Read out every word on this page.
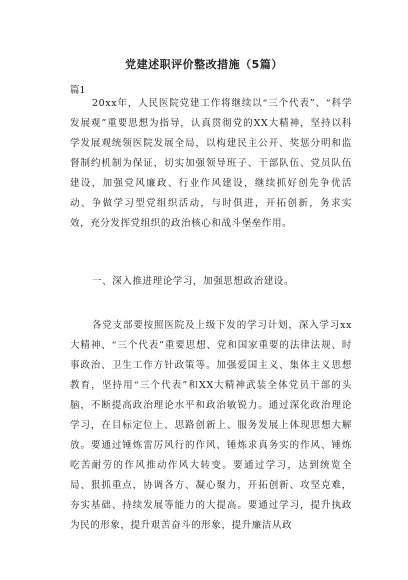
党建述职评价整改措施（5篇）
篇1

20xx年，人民医院党建工作将继续以“三个代表”、“科学发展观”重要思想为指导，认真贯彻党的XX大精神，坚持以科学发展观统领医院发展全局，以构建民主公开、奖惩分明和监督制约机制为保证，切实加强领导班子、干部队伍、党员队伍建设，加强党风廉政、行业作风建设，继续抓好创先争优活动、争做学习型党组织活动，与时俱进，开拓创新，务求实效，充分发挥党组织的政治核心和战斗堡垒作用。

一、深入推进理论学习，加强思想政治建设。

各党支部要按照医院及上级下发的学习计划，深入学习xx大精神、“三个代表”重要思想、党和国家重要的法律法规、时事政治、卫生工作方针政策等。加强爱国主义、集体主义思想教育，坚持用“三个代表”和XX大精神武装全体党员干部的头脑，不断提高政治理论水平和政治敏锐力。通过深化政治理论学习，在目标定位上、思路创新上、服务发展上体现思想大解放。要通过锤炼雷厉风行的作风、锤炼求真务实的作风、锤炼吃苦耐劳的作风推动作风大转变。要通过学习，达到统览全局、狠抓重点，协调各方、凝心聚力，开拓创新、攻坚克难，夯实基础、持续发展等能力的大提高。要通过学习，提升执政为民的形象，提升艰苦奋斗的形象，提升廉洁从政
